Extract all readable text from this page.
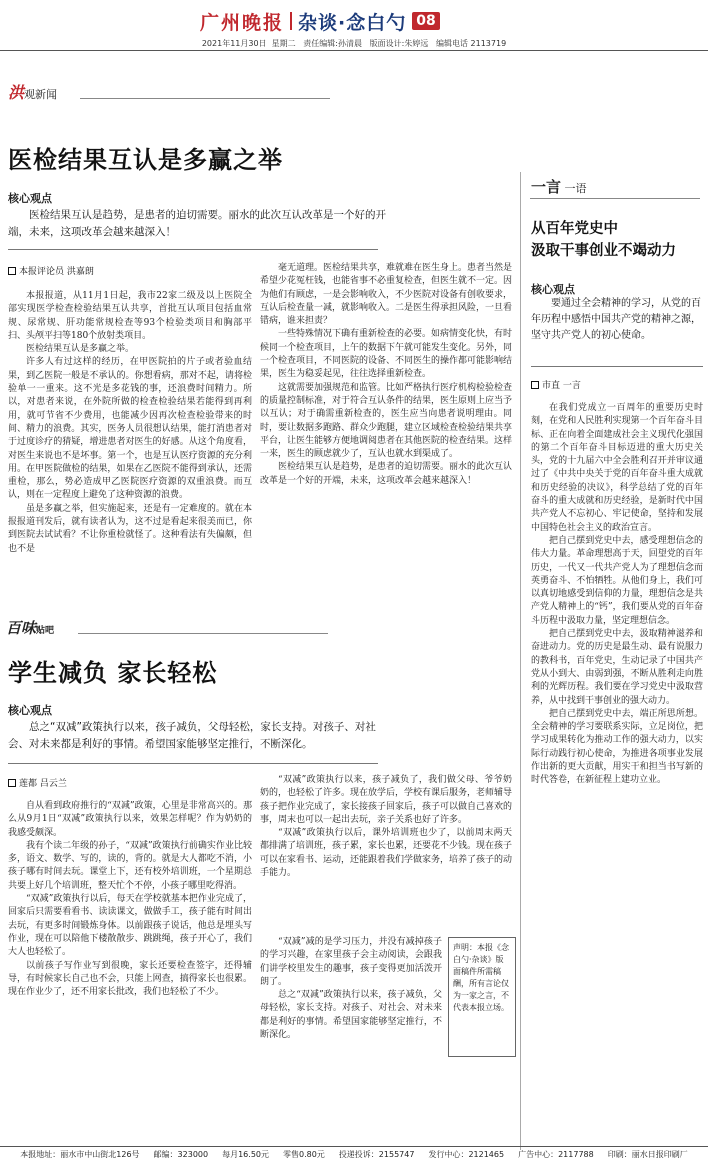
广州晚报 杂谈·念白勺 08
2021年11月30日 星期二 责任编辑:孙清晨 版面设计:朱婷远 编辑电话 2113719
洪观新闻
医检结果互认是多赢之举
核心观点
医检结果互认是趋势，是患者的迫切需要。丽水的此次互认改革是一个好的开端，未来，这项改革会越来越深入！
本报评论员 洪嘉朗

本报报道，从11月1日起，我市22家二级及以上医院全部实现医学检查检验结果互认共享，首批互认项目包括血常规、尿常规、肝功能常规检查等93个检验类项目和胸部平扫、头颅平扫等180个放射类项目。

医检结果互认是多赢之举。

许多人有过这样的经历，在甲医院拍的片子或者验血结果，到乙医院一般是不承认的。你想看病，那对不起，请将检验单一一重来。这不光是多花钱的事，还浪费时间精力。所以，对患者来说，在外院所做的检查检验结果若能得到再利用，就可节省不少费用，也能减少因再次检查检验带来的时间、精力的浪费。其实，医务人员很想认结果，能打消患者对于过度诊疗的猜疑，增进患者对医生的好感。从这个角度看，对医生来说也不是坏事。第一个，也是互认医疗资源的充分利用。在甲医院做检的结果，如果在乙医院不能得到承认，还需重检，那么，势必造成甲乙医院医疗资源的双重浪费。而互认，则在一定程度上避免了这种资源的浪费。

虽是多赢之举，但实施起来，还是有一定难度的。就在本报报道刊发后，就有读者认为，这不过是看起来很美而已，你到医院去试试看？不让你重检就怪了。这种看法有失偏颇，但也不是

毫无道理。医检结果共享，难就难在医生身上。患者当然是希望少花冤枉钱，也能省事不必重复检查，但医生就不一定。因为他们有顾虑，一是会影响收入，不少医院对设备有创收要求，互认后检查量一减，就影响收入。二是医生得承担风险，一旦看错病，谁来担责？

一些特殊情况下确有重新检查的必要。如病情变化快，有时候同一个检查项目，上午的数据下午就可能发生变化。另外，同一个检查项目，不同医院的设备、不同医生的操作都可能影响结果，医生为稳妥起见，往往选择重新检查。

这就需要加强规范和监管。比如严格执行医疗机构检验检查的质量控制标准，对于符合互认条件的结果，医生原则上应当予以互认；对于确需重新检查的，医生应当向患者说明理由。同时，要让数据多跑路、群众少跑腿，建立区域检查检验结果共享平台，让医生能够方便地调阅患者在其他医院的检查结果。这样一来，医生的顾虑就少了，互认也就水到渠成了。

医检结果互认是趋势，是患者的迫切需要。丽水的此次互认改革是一个好的开端，未来，这项改革会越来越深入！

百味贴吧
学生减负 家长轻松
核心观点
总之“双减”政策执行以来，孩子减负，父母轻松，家长支持。对孩子、对社会、对未来都是利好的事情。希望国家能够坚定推行，不断深化。
莲都 吕云兰

自从看到政府推行的“双减”政策，心里是非常高兴的。那么从9月1日“双减”政策执行以来，效果怎样呢？作为奶奶的我感受颇深。

我有个读二年级的孙子，“双减”政策执行前确实作业比较多，语文、数学、写的，读的，背的。就是大人都吃不消，小孩子哪有时间去玩。课堂上下，还有校外培训班，一个星期总共要上好几个培训班，整天忙个不停，小孩子哪里吃得消。

“双减”政策执行以后，每天在学校就基本把作业完成了，回家后只需要看看书、读读课文，做做手工，孩子能有时间出去玩，有更多时间锻炼身体。以前跟孩子说话，他总是埋头写作业，现在可以陪他下楼散散步、跳跳绳，孩子开心了，我们大人也轻松了。

以前孩子写作业写到很晚，家长还要检查签字，还得辅导，有时候家长自己也不会，只能上网查，搞得家长也很累。现在作业少了，还不用家长批改，我们也轻松了不少。

“双减”政策执行以来，孩子减负了，我们做父母、爷爷奶奶的，也轻松了许多。现在放学后，学校有课后服务，老师辅导孩子把作业完成了，家长接孩子回家后，孩子可以做自己喜欢的事，周末也可以一起出去玩，亲子关系也好了许多。

“双减”政策执行以后，课外培训班也少了，以前周末两天都排满了培训班，孩子累，家长也累，还要花不少钱。现在孩子可以在家看书、运动，还能跟着我们学做家务，培养了孩子的动手能力。

“双减”减的是学习压力，并没有减掉孩子的学习兴趣，在家里孩子会主动阅读，会跟我们讲学校里发生的趣事，孩子变得更加活泼开朗了。

总之“双减”政策执行以来，孩子减负，父母轻松，家长支持。对孩子、对社会、对未来都是利好的事情。希望国家能够坚定推行，不断深化。

声明：本报《念白勺·杂谈》版面稿件所需稿酬，所有言论仅为一家之言，不代表本报立场。
一言 一语
从百年党史中
汲取干事创业不竭动力
核心观点
要通过全会精神的学习，从党的百年历程中感悟中国共产党的精神之源，坚守共产党人的初心使命。
市直 一言

在我们党成立一百周年的重要历史时刻，在党和人民胜利实现第一个百年奋斗目标、正在向着全面建成社会主义现代化强国的第二个百年奋斗目标迈进的重大历史关头，党的十九届六中全会胜利召开并审议通过了《中共中央关于党的百年奋斗重大成就和历史经验的决议》，科学总结了党的百年奋斗的重大成就和历史经验，是新时代中国共产党人不忘初心、牢记使命，坚持和发展中国特色社会主义的政治宣言。

把自己摆到党史中去，感受理想信念的伟大力量。革命理想高于天，回望党的百年历史，一代又一代共产党人为了理想信念而英勇奋斗、不怕牺牲。从他们身上，我们可以真切地感受到信仰的力量，理想信念是共产党人精神上的“钙”，我们要从党的百年奋斗历程中汲取力量，坚定理想信念。

把自己摆到党史中去，汲取精神滋养和奋进动力。党的历史是最生动、最有说服力的教科书，百年党史，生动记录了中国共产党从小到大、由弱到强，不断从胜利走向胜利的光辉历程。我们要在学习党史中汲取营养，从中找到干事创业的强大动力。

把自己摆到党史中去，端正所思所想。全会精神的学习要联系实际，立足岗位，把学习成果转化为推动工作的强大动力，以实际行动践行初心使命，为推进各项事业发展作出新的更大贡献，用实干和担当书写新的时代答卷，在新征程上建功立业。

本报地址：丽水市中山街北126号 邮编：323000 每月16.50元 零售0.80元 投递投诉：2155747 发行中心：2121465 广告中心：2117788 印刷：丽水日报印刷厂
